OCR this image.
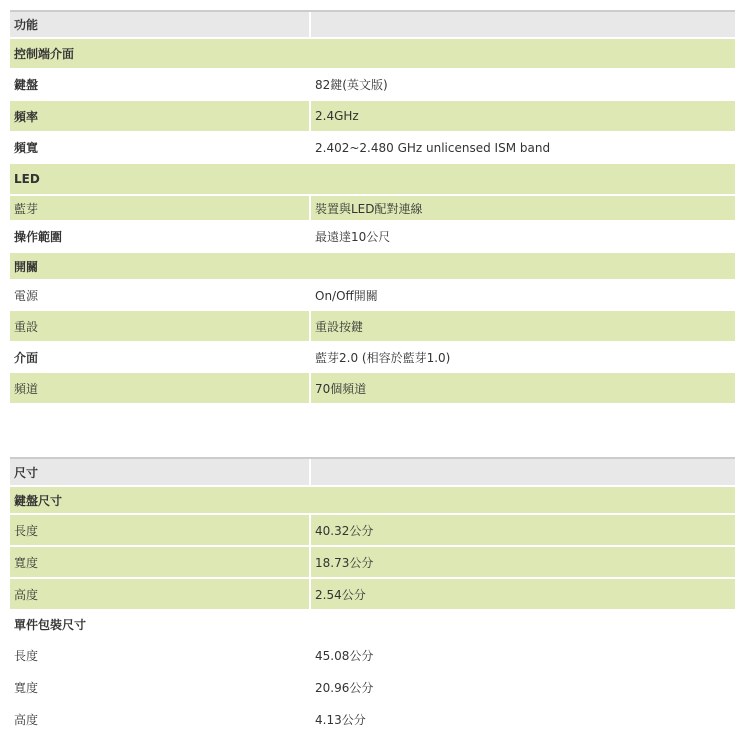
功能	

控制端介面	
鍵盤	82鍵(英文版)
頻率	2.4GHz
頻寬	2.402~2.480 GHz unlicensed ISM band
LED	

藍芽	裝置與LED配對連線
操作範圍	最遠達10公尺
開關	
電源	On/Off開關
重設	重設按鍵
介面	藍芽2.0 (相容於藍芽1.0)
頻道	70個頻道
尺寸	

鍵盤尺寸	

長度	40.32公分

寬度	18.73公分

高度	2.54公分
單件包裝尺寸	
長度	45.08公分
寬度	20.96公分
高度	4.13公分
